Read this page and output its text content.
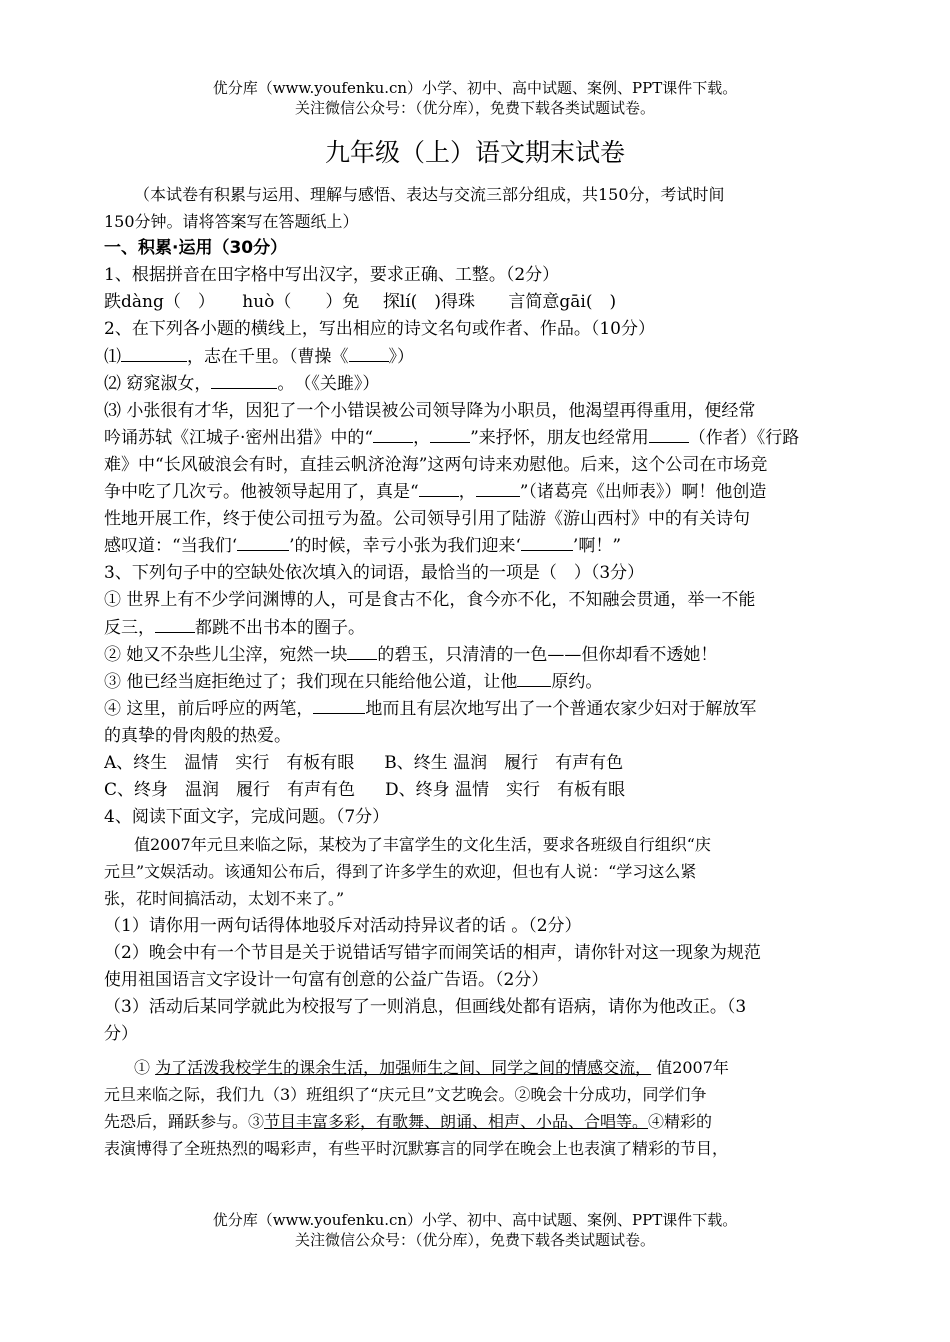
优分库（www.youfenku.cn）小学、初中、高中试题、案例、PPT课件下载。
关注微信公众号：（优分库），免费下载各类试题试卷。
九年级（上）语文期末试卷
（本试卷有积累与运用、理解与感悟、表达与交流三部分组成，共150分，考试时间
150分钟。请将答案写在答题纸上）
一、积累·运用（30分）
1、根据拼音在田字格中写出汉字，要求正确、工整。（2分）
跌dàng（　） huò（　　）免 探lí(　)得珠 言简意gāi(　)
2、在下列各小题的横线上，写出相应的诗文名句或作者、作品。（10分）
⑴	，志在千里。（曹操《 》）
⑵ 窈窕淑女，	。　（《关雎》）
⑶ 小张很有才华，因犯了一个小错误被公司领导降为小职员，他渴望再得重用，便经常
吟诵苏轼《江城子·密州出猎》中的“ ， ”来抒怀，朋友也经常用 （作者）《行路
难》中“长风破浪会有时，直挂云帆济沧海”这两句诗来劝慰他。后来，这个公司在市场竞
争中吃了几次亏。他被领导起用了，真是“ ，	”（诸葛亮《出师表》）啊！他创造
性地开展工作，终于使公司扭亏为盈。公司领导引用了陆游《游山西村》中的有关诗句
感叹道：“当我们‘	’的时候，幸亏小张为我们迎来‘	’啊！”
3、下列句子中的空缺处依次填入的词语，最恰当的一项是（　）（3分）
① 世界上有不少学问渊博的人，可是食古不化，食今亦不化，不知融会贯通，举一不能
反三， 都跳不出书本的圈子。
② 她又不杂些儿尘滓，宛然一块 的碧玉，只清清的一色——但你却看不透她！
③ 他已经当庭拒绝过了；我们现在只能给他公道，让他 原约。
④ 这里，前后呼应的两笔，	地而且有层次地写出了一个普通农家少妇对于解放军
的真挚的骨肉般的热爱。
A、终生　温情　实行　有板有眼 B、终生 温润　履行　有声有色
C、终身　温润　履行　有声有色 D、终身 温情　实行　有板有眼
4、阅读下面文字，完成问题。（7分）
值2007年元旦来临之际，某校为了丰富学生的文化生活，要求各班级自行组织“庆
元旦”文娱活动。该通知公布后，得到了许多学生的欢迎，但也有人说：“学习这么紧
张，花时间搞活动，太划不来了。”
（1）请你用一两句话得体地驳斥对活动持异议者的话 。（2分）
（2）晚会中有一个节目是关于说错话写错字而闹笑话的相声，请你针对这一现象为规范
使用祖国语言文字设计一句富有创意的公益广告语。（2分）
（3）活动后某同学就此为校报写了一则消息，但画线处都有语病，请你为他改正。（3
分）
① 为了活泼我校学生的课余生活，加强师生之间、同学之间的情感交流， 值2007年
元旦来临之际，我们九（3）班组织了“庆元旦”文艺晚会。②晚会十分成功，同学们争
先恐后，踊跃参与。③节目丰富多彩，有歌舞、朗诵、相声、小品、合唱等。④精彩的
表演博得了全班热烈的喝彩声，有些平时沉默寡言的同学在晚会上也表演了精彩的节目，
优分库（www.youfenku.cn）小学、初中、高中试题、案例、PPT课件下载。
关注微信公众号：（优分库），免费下载各类试题试卷。
